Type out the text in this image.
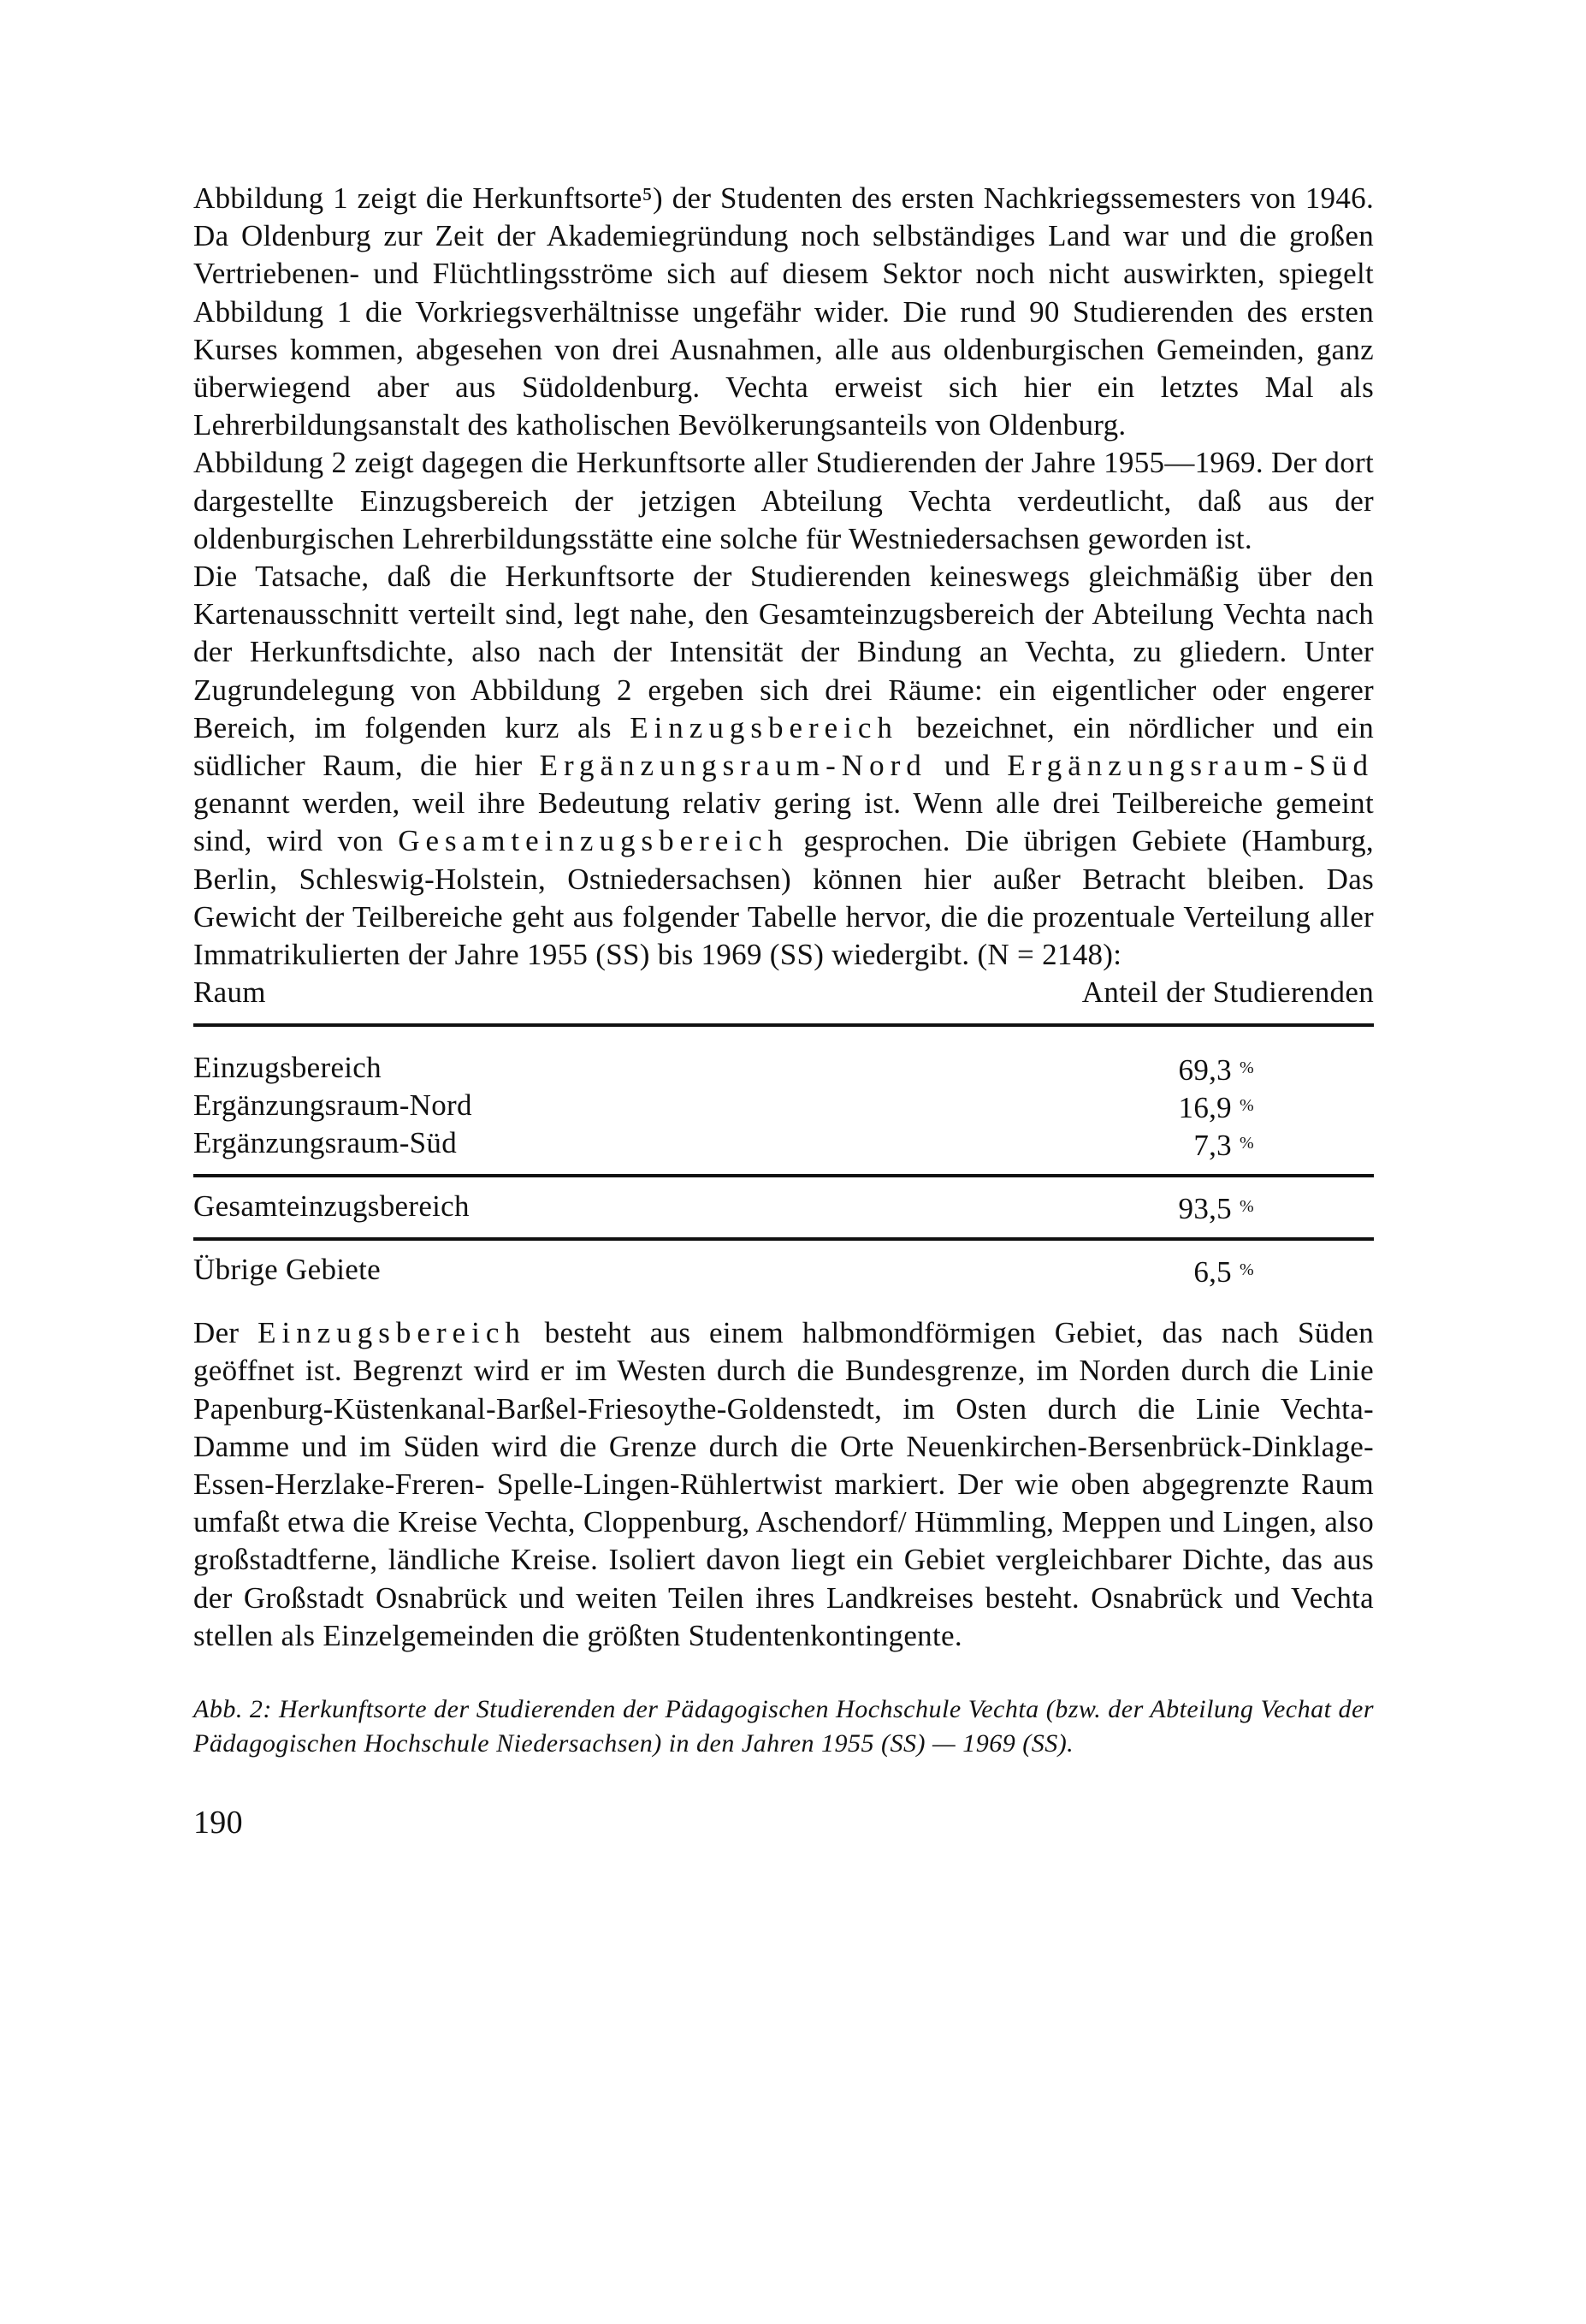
Abbildung 1 zeigt die Herkunftsorte⁵) der Studenten des ersten Nachkriegssemesters von 1946. Da Oldenburg zur Zeit der Akademiegründung noch selbständiges Land war und die großen Vertriebenen- und Flüchtlingsströme sich auf diesem Sektor noch nicht auswirkten, spiegelt Abbildung 1 die Vorkriegsverhältnisse ungefähr wider. Die rund 90 Studierenden des ersten Kurses kommen, abgesehen von drei Ausnahmen, alle aus oldenburgischen Gemeinden, ganz überwiegend aber aus Südoldenburg. Vechta erweist sich hier ein letztes Mal als Lehrerbildungsanstalt des katholischen Bevölkerungsanteils von Oldenburg.

Abbildung 2 zeigt dagegen die Herkunftsorte aller Studierenden der Jahre 1955—1969. Der dort dargestellte Einzugsbereich der jetzigen Abteilung Vechta verdeutlicht, daß aus der oldenburgischen Lehrerbildungsstätte eine solche für Westniedersachsen geworden ist.

Die Tatsache, daß die Herkunftsorte der Studierenden keineswegs gleichmäßig über den Kartenausschnitt verteilt sind, legt nahe, den Gesamteinzugsbereich der Abteilung Vechta nach der Herkunftsdichte, also nach der Intensität der Bindung an Vechta, zu gliedern. Unter Zugrundelegung von Abbildung 2 ergeben sich drei Räume: ein eigentlicher oder engerer Bereich, im folgenden kurz als Einzugsbereich bezeichnet, ein nördlicher und ein südlicher Raum, die hier Ergänzungsraum-Nord und Ergänzungsraum-Süd genannt werden, weil ihre Bedeutung relativ gering ist. Wenn alle drei Teilbereiche gemeint sind, wird von Gesamteinzugsbereich gesprochen. Die übrigen Gebiete (Hamburg, Berlin, Schleswig-Holstein, Ostniedersachsen) können hier außer Betracht bleiben. Das Gewicht der Teilbereiche geht aus folgender Tabelle hervor, die die prozentuale Verteilung aller Immatrikulierten der Jahre 1955 (SS) bis 1969 (SS) wiedergibt. (N = 2148):

Raum	Anteil der Studierenden
Einzugsbereich	69,3 %
Ergänzungsraum-Nord	16,9 %
Ergänzungsraum-Süd	7,3 %
Gesamteinzugsbereich	93,5 %
Übrige Gebiete	6,5 %

Der Einzugsbereich besteht aus einem halbmondförmigen Gebiet, das nach Süden geöffnet ist. Begrenzt wird er im Westen durch die Bundesgrenze, im Norden durch die Linie Papenburg-Küstenkanal-Barßel-Friesoythe-Goldenstedt, im Osten durch die Linie Vechta-Damme und im Süden wird die Grenze durch die Orte Neuenkirchen-Bersenbrück-Dinklage-Essen-Herzlake-Freren- Spelle-Lingen-Rühlertwist markiert. Der wie oben abgegrenzte Raum umfaßt etwa die Kreise Vechta, Cloppenburg, Aschendorf/ Hümmling, Meppen und Lingen, also großstadtferne, ländliche Kreise. Isoliert davon liegt ein Gebiet vergleichbarer Dichte, das aus der Großstadt Osnabrück und weiten Teilen ihres Landkreises besteht. Osnabrück und Vechta stellen als Einzelgemeinden die größten Studentenkontingente.

Abb. 2: Herkunftsorte der Studierenden der Pädagogischen Hochschule Vechta (bzw. der Abteilung Vechat der Pädagogischen Hochschule Niedersachsen) in den Jahren 1955 (SS) — 1969 (SS).

190
